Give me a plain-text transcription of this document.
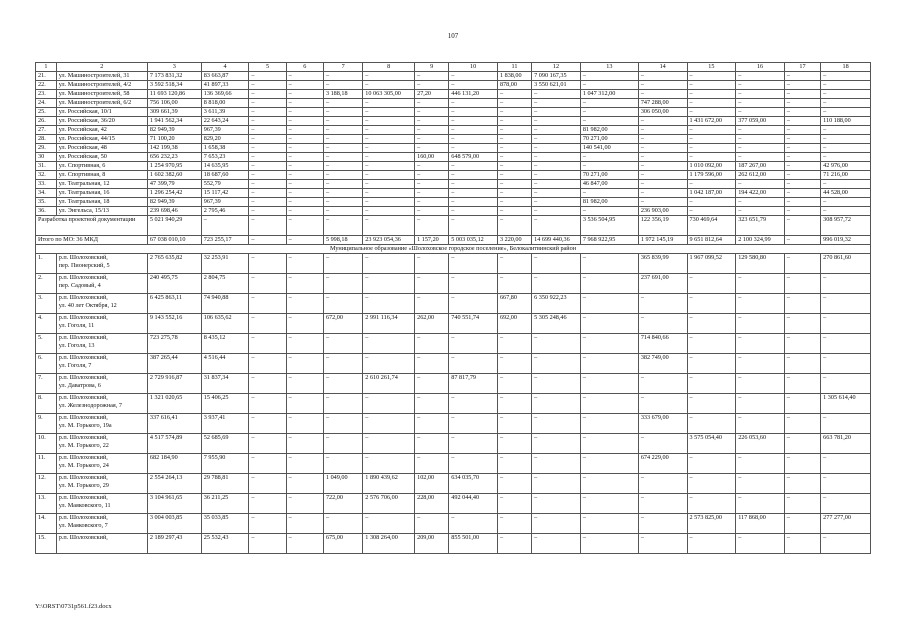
107
1	2	3	4	5	6	7	8	9	10	11	12	13	14	15	16	17	18
21.	ул. Машиностроителей, 31	7 173 831,32	83 663,87	–	–	–	–	–	–	1 838,00	7 090 167,35	–	–	–	–	–	–
22.	ул. Машиностроителей, 4/2	3 592 518,34	41 897,33	–	–	–	–	–	–	878,00	3 550 621,01	–	–	–	–	–	–
23.	ул. Машиностроителей, 58	11 693 120,86	136 369,66	–	–	3 188,18	10 063 305,00	27,20	446 131,20	–	–	1 047 312,00	–	–	–	–	–
24.	ул. Машиностроителей, 6/2	756 106,00	8 818,00	–	–	–	–	–	–	–	–	–	747 288,00	–	–	–	–
25.	ул. Российская, 10/1	309 661,39	3 611,39	–	–	–	–	–	–	–	–	–	306 050,00	–	–	–	–
26.	ул. Российская, 36/20	1 941 562,34	22 643,24	–	–	–	–	–	–	–	–	–	–	1 431 672,00	377 059,00	–	110 188,00
27.	ул. Российская, 42	82 949,39	967,39	–	–	–	–	–	–	–	–	81 982,00	–	–	–	–	–
28.	ул. Российская, 44/15	71 100,20	829,20	–	–	–	–	–	–	–	–	70 271,00	–	–	–	–	–
29.	ул. Российская, 48	142 199,38	1 658,38	–	–	–	–	–	–	–	–	140 541,00	–	–	–	–	–
30	ул. Российская, 50	656 232,23	7 653,23	–	–	–	–	160,00	648 579,00	–	–	–	–	–	–	–	–
31.	ул. Спортивная, 6	1 254 970,95	14 635,95	–	–	–	–	–	–	–	–	–	–	1 010 092,00	187 267,00	–	42 976,00
32.	ул. Спортивная, 8	1 602 382,60	18 687,60	–	–	–	–	–	–	–	–	70 271,00	–	1 179 596,00	262 612,00	–	71 216,00
33.	ул. Театральная, 12	47 399,79	552,79	–	–	–	–	–	–	–	–	46 847,00	–	–	–	–	–
34.	ул. Театральная, 16	1 296 254,42	15 117,42	–	–	–	–	–	–	–	–	–	–	1 042 187,00	194 422,00	–	44 528,00
35.	ул. Театральная, 18	82 949,39	967,39	–	–	–	–	–	–	–	–	81 982,00	–	–	–	–	–
36.	ул. Энгельса, 15/13	239 698,46	2 795,46	–	–	–	–	–	–	–	–	–	236 903,00	–	–	–	–
Разработка проектной документации		5 021 940,29	–	–	–	–	–	–	–	–	–	3 536 504,95	122 356,19	730 469,64	323 651,79	–	308 957,72
Итого по МО: 36 МКД		67 038 010,10	723 255,17	–	–	5 998,18	23 923 054,36	1 157,20	5 003 035,12	3 220,00	14 699 440,36	7 968 922,95	1 972 145,19	9 651 812,64	2 100 324,99	–	996 019,32
Муниципальное образование «Шолоховское городское поселение», Белокалитвинский район																	
1.	р.п. Шолоховский,
пер. Пионерский, 5	2 765 635,82	32 253,91	–	–	–	–	–	–	–	–	–	365 839,99	1 967 099,52	129 580,80	–	270 861,60
2.	р.п. Шолоховский,
пер. Садовый, 4	240 495,75	2 804,75	–	–	–	–	–	–	–	–	–	237 691,00	–	–	–	–
3.	р.п. Шолоховский,
ул. 40 лет Октября, 12	6 425 863,11	74 940,88	–	–	–	–	–	–	667,80	6 350 922,23	–	–	–	–	–	–
4.	р.п. Шолоховский,
ул. Гоголя, 11	9 143 552,16	106 635,62	–	–	672,00	2 991 116,34	262,00	740 551,74	692,00	5 305 248,46	–	–	–	–	–	–
5.	р.п. Шолоховский,
ул. Гоголя, 13	723 275,78	8 435,12	–	–	–	–	–	–	–	–	–	714 840,66	–	–	–	–
6.	р.п. Шолоховский,
ул. Гоголя, 7	387 265,44	4 516,44	–	–	–	–	–	–	–	–	–	382 749,00	–	–	–	–
7.	р.п. Шолоховский,
ул. Даватрова, 6	2 729 916,87	31 837,34	–	–	–	2 610 261,74	–	87 817,79	–	–	–	–	–	–	–	–
8.	р.п. Шолоховский,
ул. Железнодорожная, 7	1 321 020,65	15 406,25	–	–	–	–	–	–	–	–	–	–	–	–	–	1 305 614,40
9.	р.п. Шолоховский,
ул. М. Горького, 19а	337 616,41	3 937,41	–	–	–	–	–	–	–	–	–	333 679,00	–	–	–	–
10.	р.п. Шолоховский,
ул. М. Горького, 22	4 517 574,89	52 685,69	–	–	–	–	–	–	–	–	–	–	3 575 054,40	226 053,60	–	663 781,20
11.	р.п. Шолоховский,
ул. М. Горького, 24	682 184,90	7 955,90	–	–	–	–	–	–	–	–	–	674 229,00	–	–	–	–
12.	р.п. Шолоховский,
ул. М. Горького, 29	2 554 264,13	29 788,81	–	–	1 049,00	1 890 439,62	102,00	634 035,70	–	–	–	–	–	–	–	–
13.	р.п. Шолоховский,
ул. Маяковского, 11	3 104 961,65	36 211,25	–	–	722,00	2 576 706,00	228,00	492 044,40	–	–	–	–	–	–	–	–
14.	р.п. Шолоховский,
ул. Маяковского, 7	3 004 003,85	35 033,85	–	–	–	–	–	–	–	–	–	–	2 573 825,00	117 868,00	–	277 277,00
15.	р.п. Шолоховский,	2 189 297,43	25 532,43	–	–	675,00	1 308 264,00	209,00	855 501,00	–	–	–	–	–	–	–	–
Y:\ORST\0731p561.f23.docx
